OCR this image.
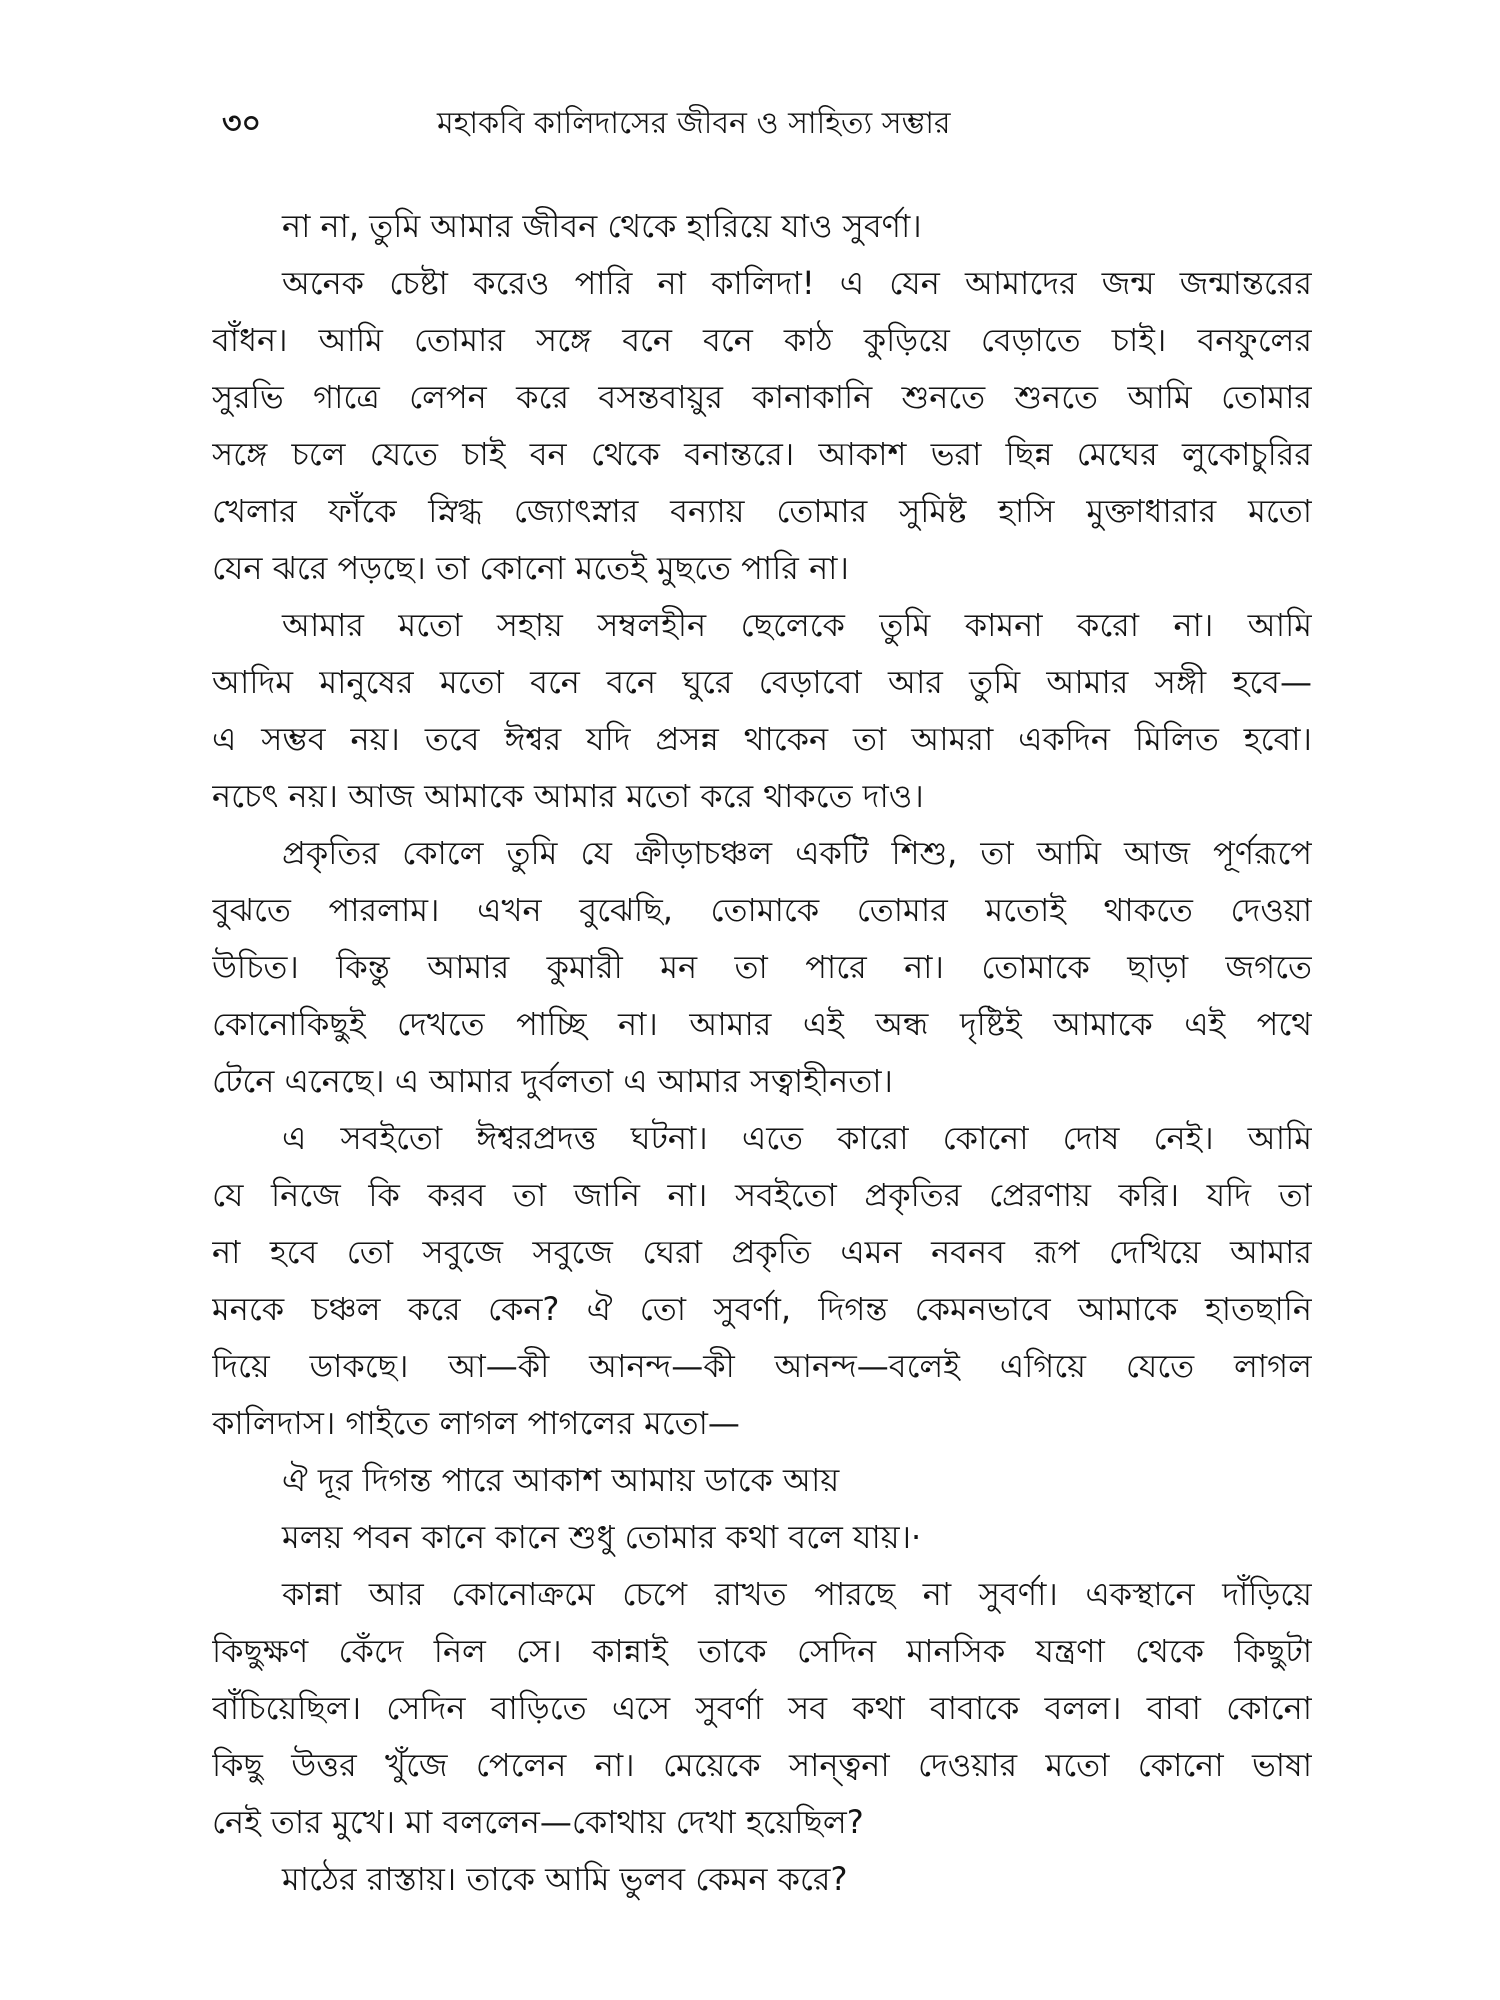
৩০	মহাকবি কালিদাসের জীবন ও সাহিত্য সম্ভার
না না, তুমি আমার জীবন থেকে হারিয়ে যাও সুবর্ণা।
অনেক চেষ্টা করেও পারি না কালিদা! এ যেন আমাদের জন্ম জন্মান্তরের
বাঁধন। আমি তোমার সঙ্গে বনে বনে কাঠ কুড়িয়ে বেড়াতে চাই। বনফুলের
সুরভি গাত্রে লেপন করে বসন্তবায়ুর কানাকানি শুনতে শুনতে আমি তোমার
সঙ্গে চলে যেতে চাই বন থেকে বনান্তরে। আকাশ ভরা ছিন্ন মেঘের লুকোচুরির
খেলার ফাঁকে স্নিগ্ধ জ্যোৎস্নার বন্যায় তোমার সুমিষ্ট হাসি মুক্তাধারার মতো
যেন ঝরে পড়ছে। তা কোনো মতেই মুছতে পারি না।
আমার মতো সহায় সম্বলহীন ছেলেকে তুমি কামনা করো না। আমি
আদিম মানুষের মতো বনে বনে ঘুরে বেড়াবো আর তুমি আমার সঙ্গী হবে—
এ সম্ভব নয়। তবে ঈশ্বর যদি প্রসন্ন থাকেন তা আমরা একদিন মিলিত হবো।
নচেৎ নয়। আজ আমাকে আমার মতো করে থাকতে দাও।
প্রকৃতির কোলে তুমি যে ক্রীড়াচঞ্চল একটি শিশু, তা আমি আজ পূর্ণরূপে
বুঝতে পারলাম। এখন বুঝেছি, তোমাকে তোমার মতোই থাকতে দেওয়া
উচিত। কিন্তু আমার কুমারী মন তা পারে না। তোমাকে ছাড়া জগতে
কোনোকিছুই দেখতে পাচ্ছি না। আমার এই অন্ধ দৃষ্টিই আমাকে এই পথে
টেনে এনেছে। এ আমার দুর্বলতা এ আমার সত্বাহীনতা।
এ সবইতো ঈশ্বরপ্রদত্ত ঘটনা। এতে কারো কোনো দোষ নেই। আমি
যে নিজে কি করব তা জানি না। সবইতো প্রকৃতির প্রেরণায় করি। যদি তা
না হবে তো সবুজে সবুজে ঘেরা প্রকৃতি এমন নবনব রূপ দেখিয়ে আমার
মনকে চঞ্চল করে কেন? ঐ তো সুবর্ণা, দিগন্ত কেমনভাবে আমাকে হাতছানি
দিয়ে ডাকছে। আ—কী আনন্দ—কী আনন্দ—বলেই এগিয়ে যেতে লাগল
কালিদাস। গাইতে লাগল পাগলের মতো—
ঐ দূর দিগন্ত পারে আকাশ আমায় ডাকে আয়
মলয় পবন কানে কানে শুধু তোমার কথা বলে যায়।·
কান্না আর কোনোক্রমে চেপে রাখত পারছে না সুবর্ণা। একস্থানে দাঁড়িয়ে
কিছুক্ষণ কেঁদে নিল সে। কান্নাই তাকে সেদিন মানসিক যন্ত্রণা থেকে কিছুটা
বাঁচিয়েছিল। সেদিন বাড়িতে এসে সুবর্ণা সব কথা বাবাকে বলল। বাবা কোনো
কিছু উত্তর খুঁজে পেলেন না। মেয়েকে সান্ত্বনা দেওয়ার মতো কোনো ভাষা
নেই তার মুখে। মা বললেন—কোথায় দেখা হয়েছিল?
মাঠের রাস্তায়। তাকে আমি ভুলব কেমন করে?
